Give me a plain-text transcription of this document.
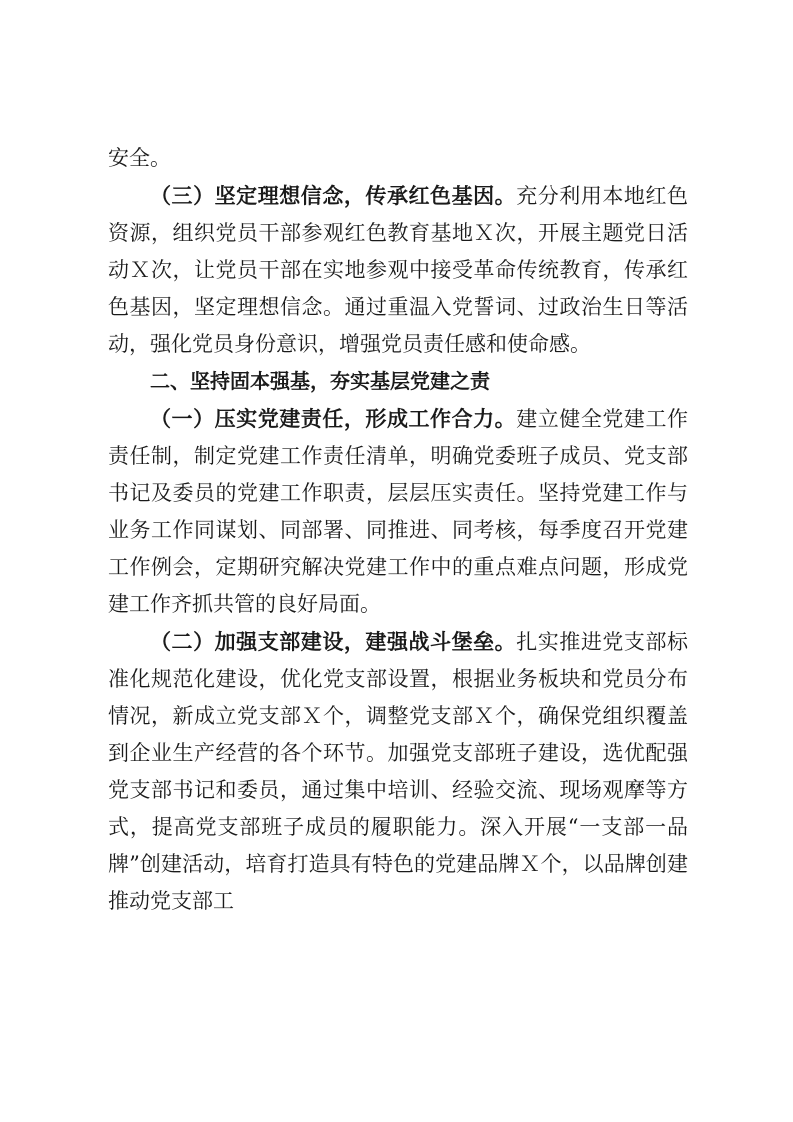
安全。

（三）坚定理想信念，传承红色基因。充分利用本地红色资源，组织党员干部参观红色教育基地Ｘ次，开展主题党日活动Ｘ次，让党员干部在实地参观中接受革命传统教育，传承红色基因，坚定理想信念。通过重温入党誓词、过政治生日等活动，强化党员身份意识，增强党员责任感和使命感。

二、坚持固本强基，夯实基层党建之责

（一）压实党建责任，形成工作合力。建立健全党建工作责任制，制定党建工作责任清单，明确党委班子成员、党支部书记及委员的党建工作职责，层层压实责任。坚持党建工作与业务工作同谋划、同部署、同推进、同考核，每季度召开党建工作例会，定期研究解决党建工作中的重点难点问题，形成党建工作齐抓共管的良好局面。

（二）加强支部建设，建强战斗堡垒。扎实推进党支部标准化规范化建设，优化党支部设置，根据业务板块和党员分布情况，新成立党支部Ｘ个，调整党支部Ｘ个，确保党组织覆盖到企业生产经营的各个环节。加强党支部班子建设，选优配强党支部书记和委员，通过集中培训、经验交流、现场观摩等方式，提高党支部班子成员的履职能力。深入开展“一支部一品牌”创建活动，培育打造具有特色的党建品牌Ｘ个，以品牌创建推动党支部工
